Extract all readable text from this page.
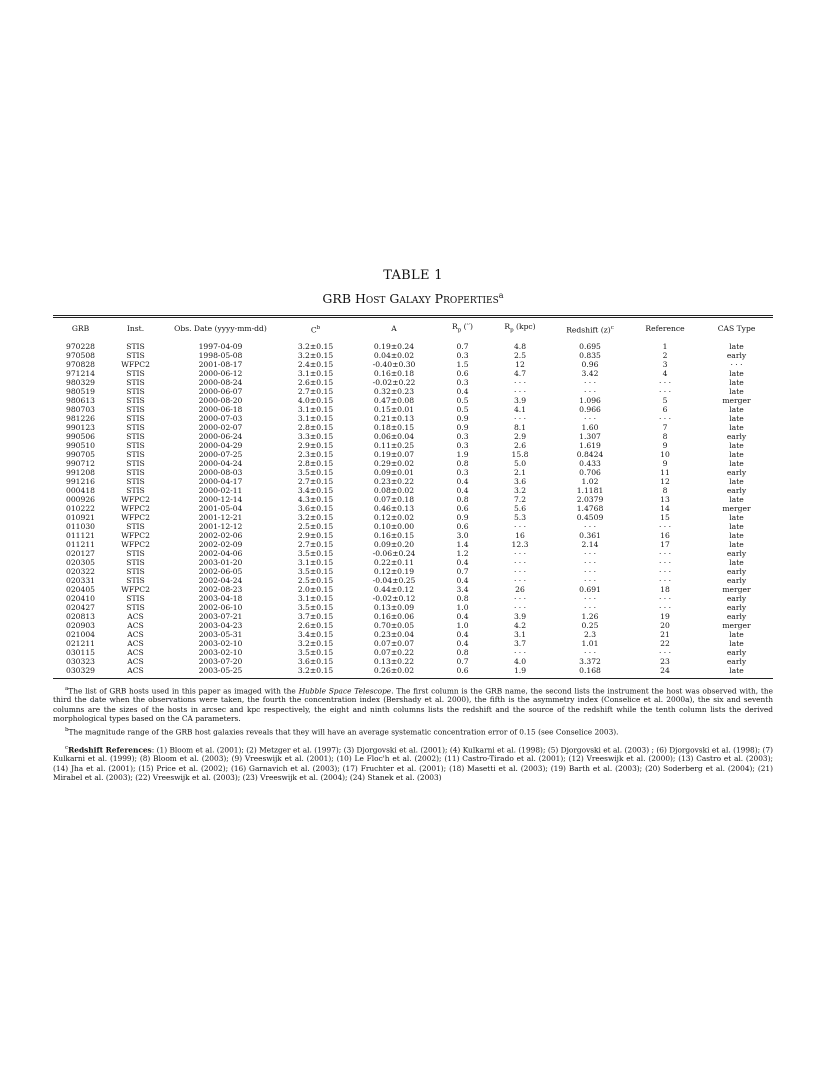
TABLE 1

GRB Host Galaxy Properties$^a$

GRB	Inst.	Obs. Date (yyyy-mm-dd)	$C^b$	A	$R_p$ (′′)	$R_p$ (kpc)	Redshift $(z)^c$	Reference	CAS Type
970228	STIS	1997-04-09	3.2±0.15	0.19±0.24	0.7	4.8	0.695	1	late
970508	STIS	1998-05-08	3.2±0.15	0.04±0.02	0.3	2.5	0.835	2	early
970828	WFPC2	2001-08-17	2.4±0.15	-0.40±0.30	1.5	12	0.96	3	· · ·
971214	STIS	2000-06-12	3.1±0.15	0.16±0.18	0.6	4.7	3.42	4	late
980329	STIS	2000-08-24	2.6±0.15	-0.02±0.22	0.3	· · ·	· · ·	· · ·	late
980519	STIS	2000-06-07	2.7±0.15	0.32±0.23	0.4	· · ·	· · ·	· · ·	late
980613	STIS	2000-08-20	4.0±0.15	0.47±0.08	0.5	3.9	1.096	5	merger
980703	STIS	2000-06-18	3.1±0.15	0.15±0.01	0.5	4.1	0.966	6	late
981226	STIS	2000-07-03	3.1±0.15	0.21±0.13	0.9	· · ·	· · ·	· · ·	late
990123	STIS	2000-02-07	2.8±0.15	0.18±0.15	0.9	8.1	1.60	7	late
990506	STIS	2000-06-24	3.3±0.15	0.06±0.04	0.3	2.9	1.307	8	early
990510	STIS	2000-04-29	2.9±0.15	0.11±0.25	0.3	2.6	1.619	9	late
990705	STIS	2000-07-25	2.3±0.15	0.19±0.07	1.9	15.8	0.8424	10	late
990712	STIS	2000-04-24	2.8±0.15	0.29±0.02	0.8	5.0	0.433	9	late
991208	STIS	2000-08-03	3.5±0.15	0.09±0.01	0.3	2.1	0.706	11	early
991216	STIS	2000-04-17	2.7±0.15	0.23±0.22	0.4	3.6	1.02	12	late
000418	STIS	2000-02-11	3.4±0.15	0.08±0.02	0.4	3.2	1.1181	8	early
000926	WFPC2	2000-12-14	4.3±0.15	0.07±0.18	0.8	7.2	2.0379	13	late
010222	WFPC2	2001-05-04	3.6±0.15	0.46±0.13	0.6	5.6	1.4768	14	merger
010921	WFPC2	2001-12-21	3.2±0.15	0.12±0.02	0.9	5.3	0.4509	15	late
011030	STIS	2001-12-12	2.5±0.15	0.10±0.00	0.6	· · ·	· · ·	· · ·	late
011121	WFPC2	2002-02-06	2.9±0.15	0.16±0.15	3.0	16	0.361	16	late
011211	WFPC2	2002-02-09	2.7±0.15	0.09±0.20	1.4	12.3	2.14	17	late
020127	STIS	2002-04-06	3.5±0.15	-0.06±0.24	1.2	· · ·	· · ·	· · ·	early
020305	STIS	2003-01-20	3.1±0.15	0.22±0.11	0.4	· · ·	· · ·	· · ·	late
020322	STIS	2002-06-05	3.5±0.15	0.12±0.19	0.7	· · ·	· · ·	· · ·	early
020331	STIS	2002-04-24	2.5±0.15	-0.04±0.25	0.4	· · ·	· · ·	· · ·	early
020405	WFPC2	2002-08-23	2.0±0.15	0.44±0.12	3.4	26	0.691	18	merger
020410	STIS	2003-04-18	3.1±0.15	-0.02±0.12	0.8	· · ·	· · ·	· · ·	early
020427	STIS	2002-06-10	3.5±0.15	0.13±0.09	1.0	· · ·	· · ·	· · ·	early
020813	ACS	2003-07-21	3.7±0.15	0.16±0.06	0.4	3.9	1.26	19	early
020903	ACS	2003-04-23	2.6±0.15	0.70±0.05	1.0	4.2	0.25	20	merger
021004	ACS	2003-05-31	3.4±0.15	0.23±0.04	0.4	3.1	2.3	21	late
021211	ACS	2003-02-10	3.2±0.15	0.07±0.07	0.4	3.7	1.01	22	late
030115	ACS	2003-02-10	3.5±0.15	0.07±0.22	0.8	· · ·	· · ·	· · ·	early
030323	ACS	2003-07-20	3.6±0.15	0.13±0.22	0.7	4.0	3.372	23	early
030329	ACS	2003-05-25	3.2±0.15	0.26±0.02	0.6	1.9	0.168	24	late

$^a$The list of GRB hosts used in this paper as imaged with the Hubble Space Telescope. The first column is the GRB name, the second lists the instrument the host was observed with, the third the date when the observations were taken, the fourth the concentration index (Bershady et al. 2000), the fifth is the asymmetry index (Conselice et al. 2000a), the six and seventh columns are the sizes of the hosts in arcsec and kpc respectively, the eight and ninth columns lists the redshift and the source of the redshift while the tenth column lists the derived morphological types based on the CA parameters.

$^b$The magnitude range of the GRB host galaxies reveals that they will have an average systematic concentration error of 0.15 (see Conselice 2003).

$^c$Redshift References: (1) Bloom et al. (2001); (2) Metzger et al. (1997); (3) Djorgovski et al. (2001); (4) Kulkarni et al. (1998); (5) Djorgovski et al. (2003) ; (6) Djorgovski et al. (1998); (7) Kulkarni et al. (1999); (8) Bloom et al. (2003); (9) Vreeswijk et al. (2001); (10) Le Floc'h et al. (2002); (11) Castro-Tirado et al. (2001); (12) Vreeswijk et al. (2000); (13) Castro et al. (2003); (14) Jha et al. (2001); (15) Price et al. (2002); (16) Garnavich et al. (2003); (17) Fruchter et al. (2001); (18) Masetti et al. (2003); (19) Barth et al. (2003); (20) Soderberg et al. (2004); (21) Mirabel et al. (2003); (22) Vreeswijk et al. (2003); (23) Vreeswijk et al. (2004); (24) Stanek et al. (2003)
